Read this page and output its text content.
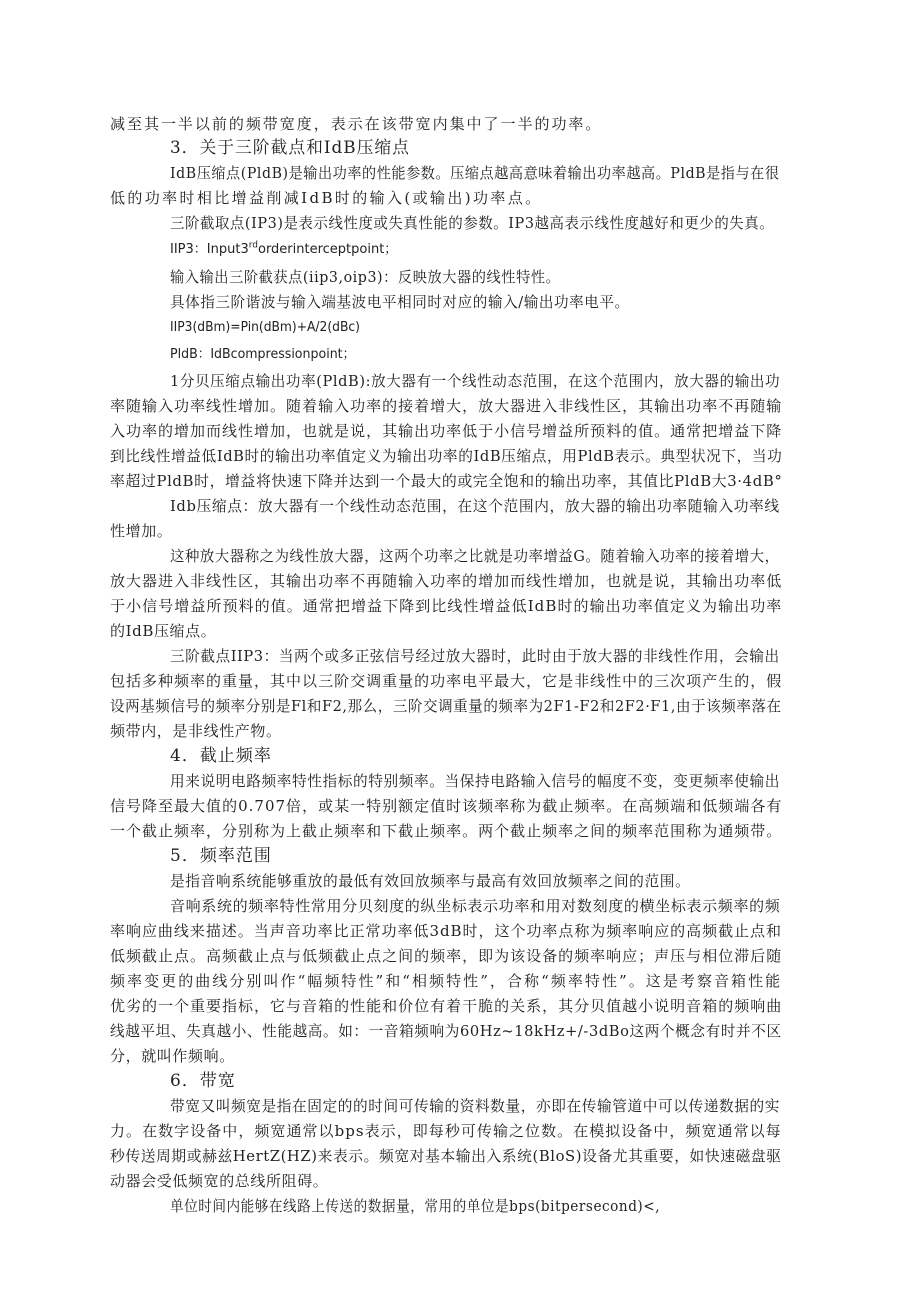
减至其一半以前的频带宽度，表示在该带宽内集中了一半的功率。
3．关于三阶截点和IdB压缩点
IdB压缩点(PldB)是输出功率的性能参数。压缩点越高意味着输出功率越高。PldB是指与在很
低的功率时相比增益削减IdB时的输入(或输出)功率点。
三阶截取点(IP3)是表示线性度或失真性能的参数。IP3越高表示线性度越好和更少的失真。
IIP3：Input3rdorderinterceptpoint；
输入输出三阶截获点(iip3,oip3)：反映放大器的线性特性。
具体指三阶谐波与输入端基波电平相同时对应的输入/输出功率电平。
IIP3(dBm)=Pin(dBm)+A/2(dBc)
PldB：IdBcompressionpoint；
1分贝压缩点输出功率(PldB):放大器有一个线性动态范围，在这个范围内，放大器的输出功
率随输入功率线性增加。随着输入功率的接着增大，放大器进入非线性区，其输出功率不再随输
入功率的增加而线性增加，也就是说，其输出功率低于小信号增益所预料的值。通常把增益下降
到比线性增益低IdB时的输出功率值定义为输出功率的IdB压缩点，用PldB表示。典型状况下，当功
率超过PldB时，增益将快速下降并达到一个最大的或完全饱和的输出功率，其值比PldB大3·4dB°
Idb压缩点：放大器有一个线性动态范围，在这个范围内，放大器的输出功率随输入功率线
性增加。
这种放大器称之为线性放大器，这两个功率之比就是功率增益G。随着输入功率的接着增大，
放大器进入非线性区，其输出功率不再随输入功率的增加而线性增加，也就是说，其输出功率低
于小信号增益所预料的值。通常把增益下降到比线性增益低IdB时的输出功率值定义为输出功率
的IdB压缩点。
三阶截点IIP3：当两个或多正弦信号经过放大器时，此时由于放大器的非线性作用，会输出
包括多种频率的重量，其中以三阶交调重量的功率电平最大，它是非线性中的三次项产生的，假
设两基频信号的频率分别是Fl和F2,那么，三阶交调重量的频率为2F1-F2和2F2·F1,由于该频率落在
频带内，是非线性产物。
4．截止频率
用来说明电路频率特性指标的特别频率。当保持电路输入信号的幅度不变，变更频率使输出
信号降至最大值的0.707倍，或某一特别额定值时该频率称为截止频率。在高频端和低频端各有
一个截止频率，分别称为上截止频率和下截止频率。两个截止频率之间的频率范围称为通频带。
5．频率范围
是指音响系统能够重放的最低有效回放频率与最高有效回放频率之间的范围。
音响系统的频率特性常用分贝刻度的纵坐标表示功率和用对数刻度的横坐标表示频率的频
率响应曲线来描述。当声音功率比正常功率低3dB时，这个功率点称为频率响应的高频截止点和
低频截止点。高频截止点与低频截止点之间的频率，即为该设备的频率响应；声压与相位滞后随
频率变更的曲线分别叫作“幅频特性”和“相频特性”，合称“频率特性”。这是考察音箱性能
优劣的一个重要指标，它与音箱的性能和价位有着干脆的关系，其分贝值越小说明音箱的频响曲
线越平坦、失真越小、性能越高。如：一音箱频响为60Hz~18kHz+/-3dBo这两个概念有时并不区
分，就叫作频响。
6．带宽
带宽又叫频宽是指在固定的的时间可传输的资料数量，亦即在传输管道中可以传递数据的实
力。在数字设备中，频宽通常以bps表示，即每秒可传输之位数。在模拟设备中，频宽通常以每
秒传送周期或赫兹HertZ(HZ)来表示。频宽对基本输出入系统(BloS)设备尤其重要，如快速磁盘驱
动器会受低频宽的总线所阻碍。
单位时间内能够在线路上传送的数据量，常用的单位是bps(bitpersecond)<,
